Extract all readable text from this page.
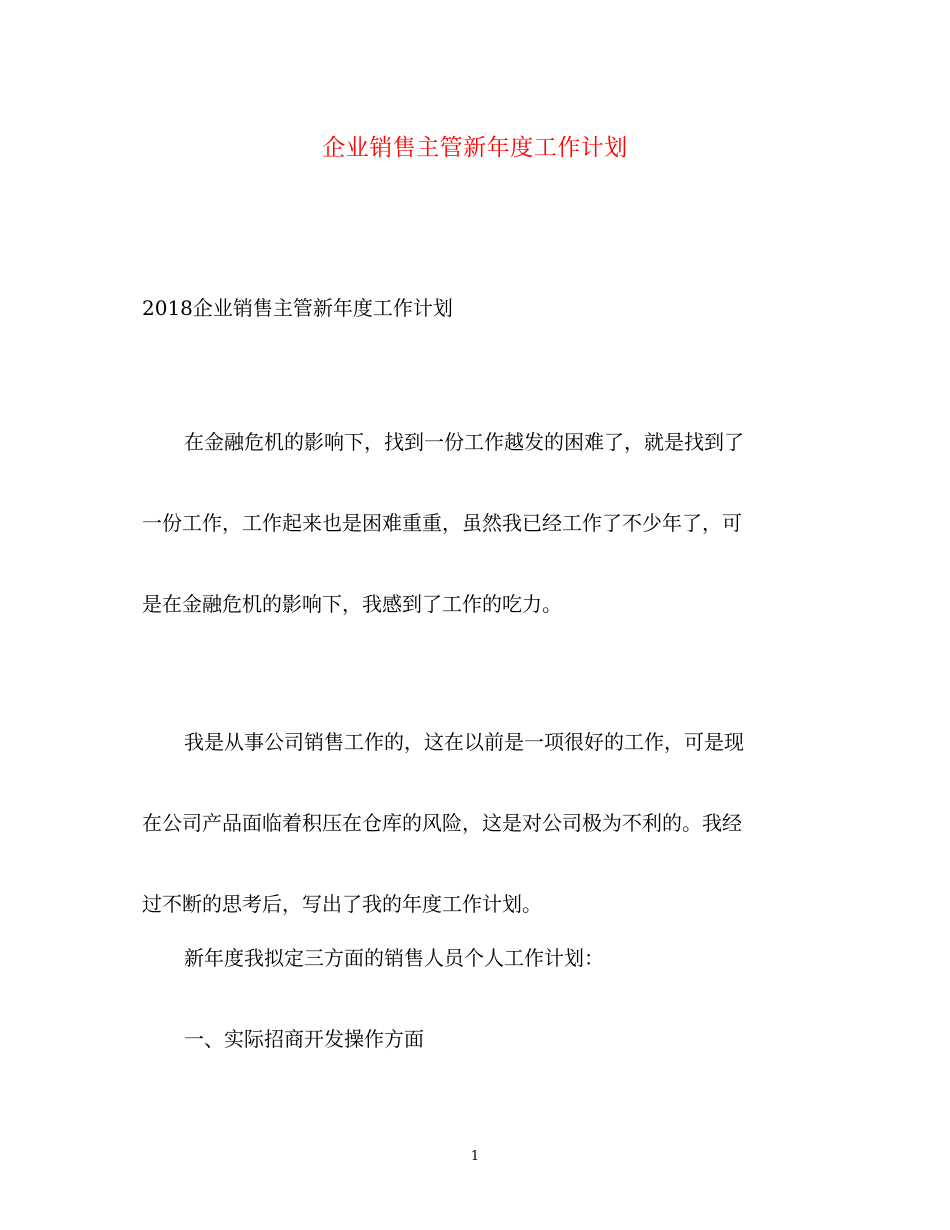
企业销售主管新年度工作计划
2018企业销售主管新年度工作计划
在金融危机的影响下，找到一份工作越发的困难了，就是找到了
一份工作，工作起来也是困难重重，虽然我已经工作了不少年了，可
是在金融危机的影响下，我感到了工作的吃力。
我是从事公司销售工作的，这在以前是一项很好的工作，可是现
在公司产品面临着积压在仓库的风险，这是对公司极为不利的。我经
过不断的思考后，写出了我的年度工作计划。
新年度我拟定三方面的销售人员个人工作计划：
一、实际招商开发操作方面
1
